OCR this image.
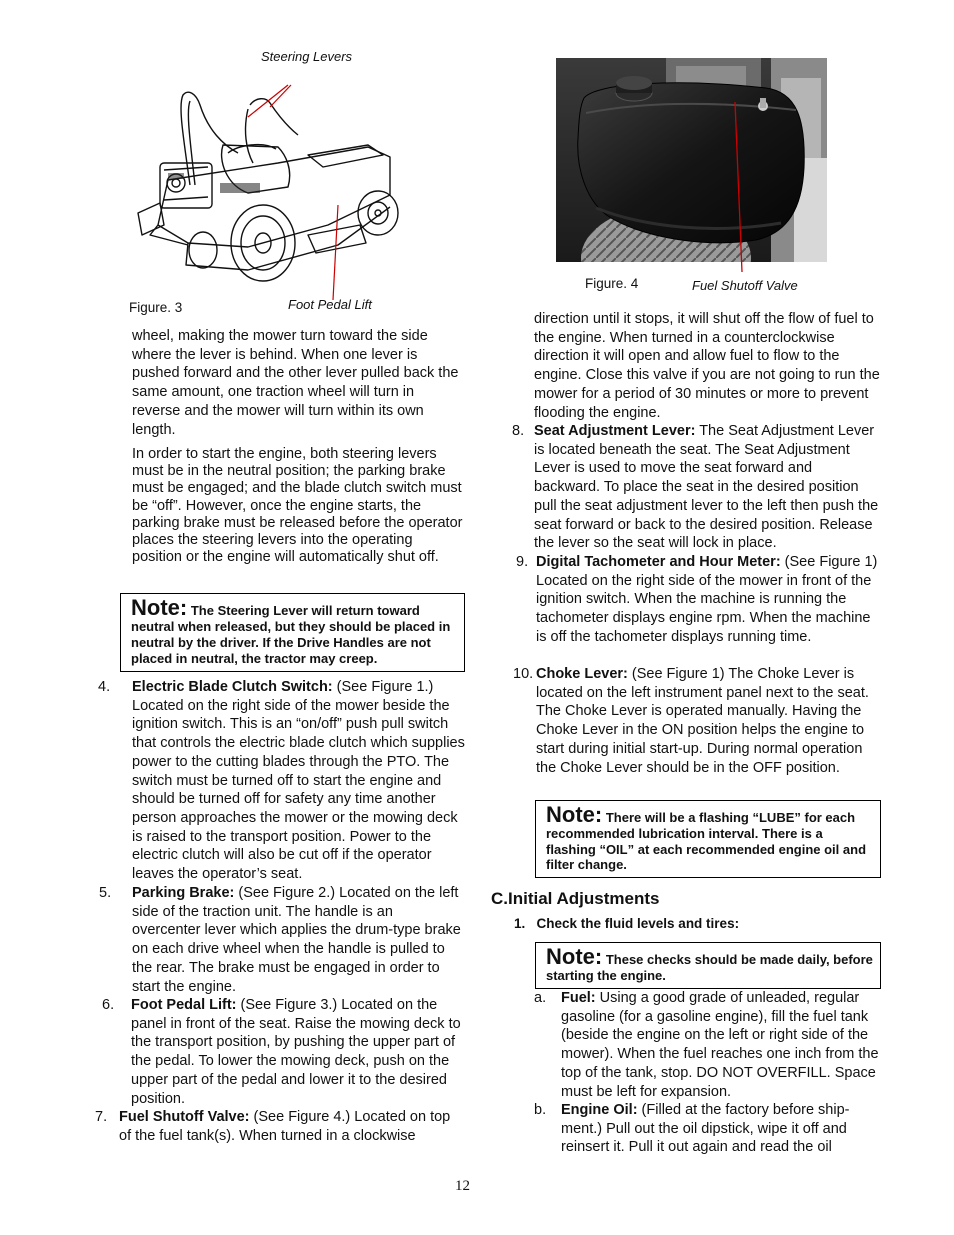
Steering Levers
Figure. 3	Foot Pedal Lift
Figure. 4	Fuel Shutoff Valve

wheel, making the mower turn toward the side where the lever is behind. When one lever is pushed forward and the other lever pulled back the same amount, one traction wheel will turn in reverse and the mower will turn within its own length.

In order to start the engine, both steering levers must be in the neutral position; the parking brake must be engaged; and the blade clutch switch must be “off”. However, once the engine starts, the parking brake must be released before the operator places the steering levers into the operating position or the engine will automatically shut off.

Note: The Steering Lever will return toward neutral when released, but they should be placed in neutral by the driver. If the Drive Handles are not placed in neutral, the tractor may creep.
4. Electric Blade Clutch Switch: (See Figure 1.) Located on the right side of the mower beside the ignition switch. This is an “on/off” push pull switch that controls the electric blade clutch which supplies power to the cutting blades through the PTO. The switch must be turned off to start the engine and should be turned off for safety any time another person approaches the mower or the mowing deck is raised to the transport position. Power to the electric clutch will also be cut off if the operator leaves the operator’s seat.

5. Parking Brake: (See Figure 2.) Located on the left side of the traction unit. The handle is an overcenter lever which applies the drum-type brake on each drive wheel when the handle is pulled to the rear. The brake must be engaged in order to start the engine.

6. Foot Pedal Lift: (See Figure 3.) Located on the panel in front of the seat. Raise the mowing deck to the transport position, by pushing the upper part of the pedal. To lower the mowing deck, push on the upper part of the pedal and lower it to the desired position.

7. Fuel Shutoff Valve: (See Figure 4.) Located on top of the fuel tank(s). When turned in a clockwise

direction until it stops, it will shut off the flow of fuel to the engine. When turned in a counterclockwise direction it will open and allow fuel to flow to the engine. Close this valve if you are not going to run the mower for a period of 30 minutes or more to prevent flooding the engine.

8. Seat Adjustment Lever: The Seat Adjustment Lever is located beneath the seat. The Seat Adjustment Lever is used to move the seat forward and backward. To place the seat in the desired position pull the seat adjustment lever to the left then push the seat forward or back to the desired position. Release the lever so the seat will lock in place.

9. Digital Tachometer and Hour Meter: (See Figure 1) Located on the right side of the mower in front of the ignition switch. When the machine is running the tachometer displays engine rpm. When the machine is off the tachometer displays running time.

10. Choke Lever: (See Figure 1) The Choke Lever is located on the left instrument panel next to the seat. The Choke Lever is operated manually. Having the Choke Lever in the ON position helps the engine to start during initial start-up. During normal operation the Choke Lever should be in the OFF position.

Note: There will be a flashing “LUBE” for each recommended lubrication interval. There is a flashing “OIL” at each recommended engine oil and filter change.
C.Initial Adjustments
1.   Check the fluid levels and tires:
Note: These checks should be made daily, before starting the engine.
a. Fuel: Using a good grade of unleaded, regular gasoline (for a gasoline engine), fill the fuel tank (beside the engine on the left or right side of the mower). When the fuel reaches one inch from the top of the tank, stop. DO NOT OVERFILL. Space must be left for expansion.

b. Engine Oil: (Filled at the factory before shipment.) Pull out the oil dipstick, wipe it off and reinsert it. Pull it out again and read the oil

12
